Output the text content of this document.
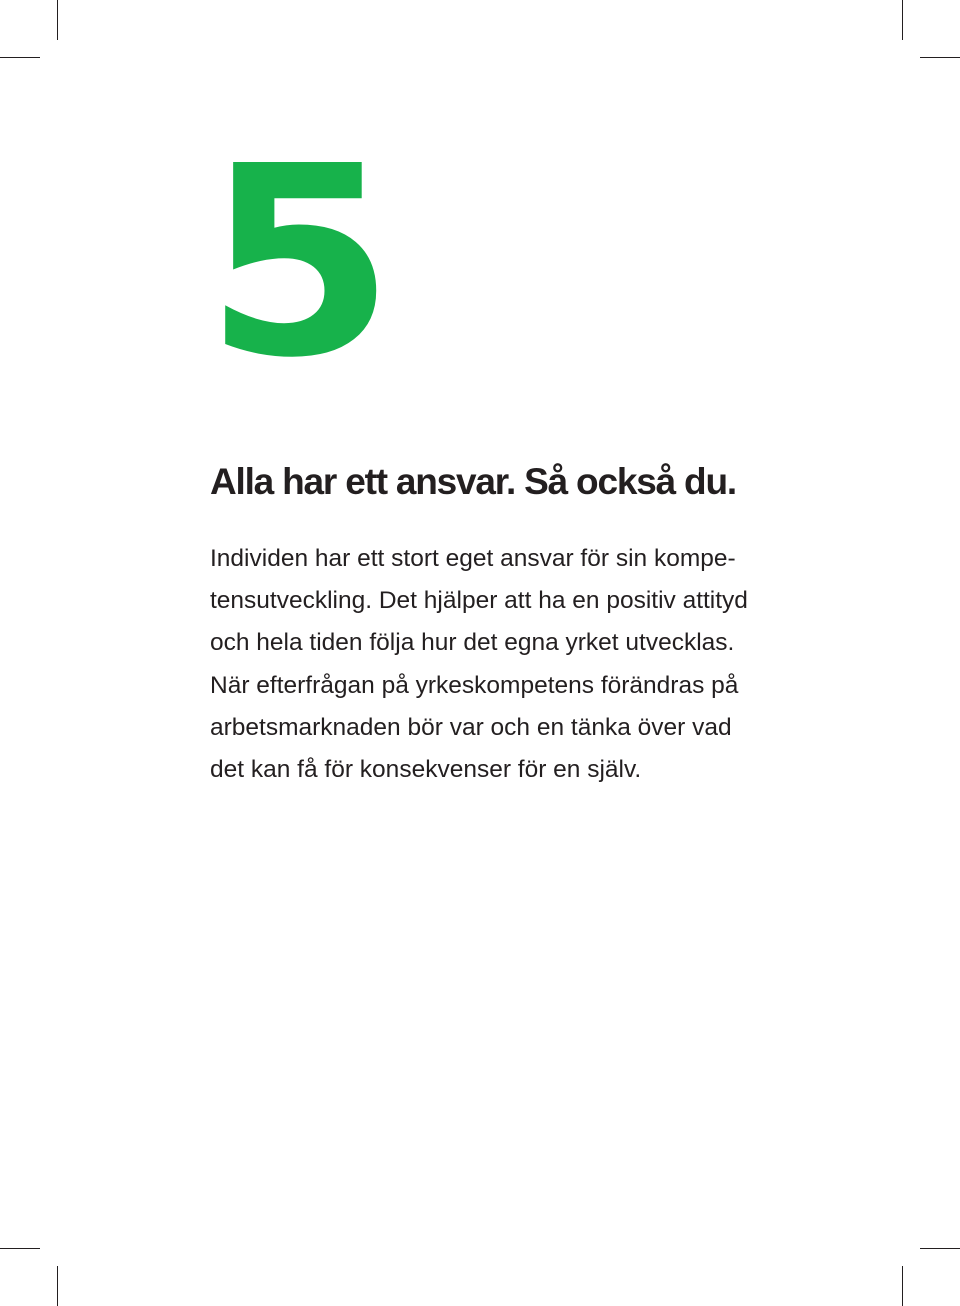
5
Alla har ett ansvar. Så också du.
Individen har ett stort eget ansvar för sin kompe-
tensutveckling. Det hjälper att ha en positiv attityd
och hela tiden följa hur det egna yrket utvecklas.
När efterfrågan på yrkeskompetens förändras på
arbetsmarknaden bör var och en tänka över vad
det kan få för konsekvenser för en själv.
